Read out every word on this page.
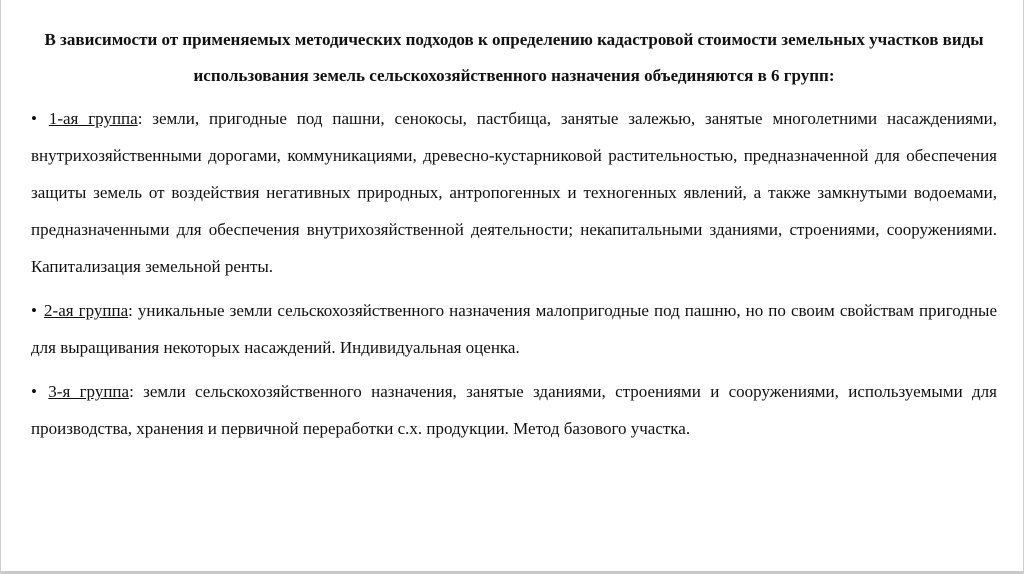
В зависимости от применяемых методических подходов к определению кадастровой стоимости земельных участков виды использования земель сельскохозяйственного назначения объединяются в 6 групп:

• 1-ая группа: земли, пригодные под пашни, сенокосы, пастбища, занятые залежью, занятые многолетними насаждениями, внутрихозяйственными дорогами, коммуникациями, древесно-кустарниковой растительностью, предназначенной для обеспечения защиты земель от воздействия негативных природных, антропогенных и техногенных явлений, а также замкнутыми водоемами, предназначенными для обеспечения внутрихозяйственной деятельности; некапитальными зданиями, строениями, сооружениями. Капитализация земельной ренты.

• 2-ая группа: уникальные земли сельскохозяйственного назначения малопригодные под пашню, но по своим свойствам пригодные для выращивания некоторых насаждений. Индивидуальная оценка.

• 3-я группа: земли сельскохозяйственного назначения, занятые зданиями, строениями и сооружениями, используемыми для производства, хранения и первичной переработки с.х. продукции. Метод базового участка.
